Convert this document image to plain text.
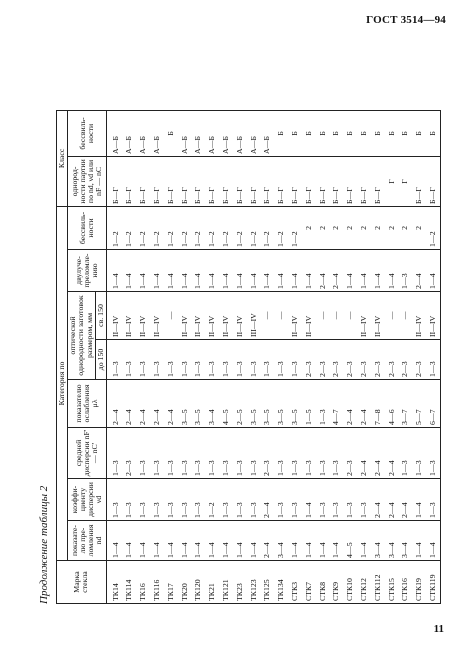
ГОСТ 3514—94
Продолжение таблицы 2	Марка стекла	Категория по								Класс	
	показате-лю пре-ломления nd	коэффи-циенту дисперсии νd	средней дисперсии nF' — nC'	показателю ослабления μλ	оптической однородности заготовок размером, мм		двулуче-преломле-нию	бессвиль-ности	однород-ности партии по nd, νd или nF — nC	бессвиль-ности
					до 150	св. 150				
ТК14	1—4	1—3	1—3	2—4	1—3	II—IV	1—4	1—2	Б—Г	А—Б
ТК114	1—4	1—3	2—3	2—4	1—3	II—IV	1—4	1—2	Б—Г	А—Б
ТК16	1—4	1—3	1—3	2—4	1—3	II—IV	1—4	1—2	Б—Г	А—Б
ТК116	1—4	1—3	1—3	2—4	1—3	II—IV	1—4	1—2	Б—Г	А—Б
ТК17	1—4	1—3	1—3	2—4	1—3	—	1—4	1—2	Б—Г	Б
ТК20	1—4	1—3	1—3	3—5	1—3	II—IV	1—4	1—2	Б—Г	А—Б
ТК120	1—4	1—3	1—3	3—5	1—3	II—IV	1—4	1—2	Б—Г	А—Б
ТК21	1—4	1—2	1—3	3—4	1—3	II—IV	1—4	1—2	Б—Г	А—Б
ТК121	1—4	1—3	1—3	4—5	1—3	II—IV	1—4	1—2	Б—Г	А—Б
ТК23	1—4	1—3	1—3	2—5	1—3	II—IV	1—4	1—2	Б—Г	А—Б
ТК123	1—4	1—3	1—3	3—5	1—3	III—IV	1—4	1—2	Б—Г	А—Б
ТК125	2—4	2—4	2—3	3—5	1—3	—	1—4	1—2	Б—Г	А—Б
ТК134	3—4	1—3	1—3	3—5	1—3	—	1—4	1—2	Б—Г	Б
СТК3	1—4	1—3	1—3	3—5	1—3	II—IV	1—4	1—2	Б—Г	Б
СТК7	1—4	1—4	1—3	1—5	2—3	II—IV	1—4	2	Б—Г	Б
СТК8	1—4	1—3	1—3	1—3	2—3	—	2—4	2	Б—Г	Б
СТК9	1—4	1—3	1—3	4—7	2—3	—	2—4	2	Б—Г	Б
СТК10	4—5	1—3	2—3	2—4	2—3	—	1—4	2	Б—Г	Б
СТК12	1—4	1—3	2—4	2—4	2—3	II—IV	1—4	2	Б—Г	Б
СТК112	3—4	2—4	2—4	7—8	2—3	II—IV	1—4	2	Б—Г	Б
СТК15	3—4	2—4	2—4	4—6	2—3	—	1—4	2	Г	Б
СТК16	3—4	2—4	1—3	3—7	2—3	—	1—3	2	Г	Б
СТК19	1—4	1—4	1—3	5—7	2—3	II—IV	2—4	2	Б—Г	Б
СТК119	1—4	1—3	1—3	6—7	1—3	II—IV	1—4	1—2	Б—Г	Б
11
